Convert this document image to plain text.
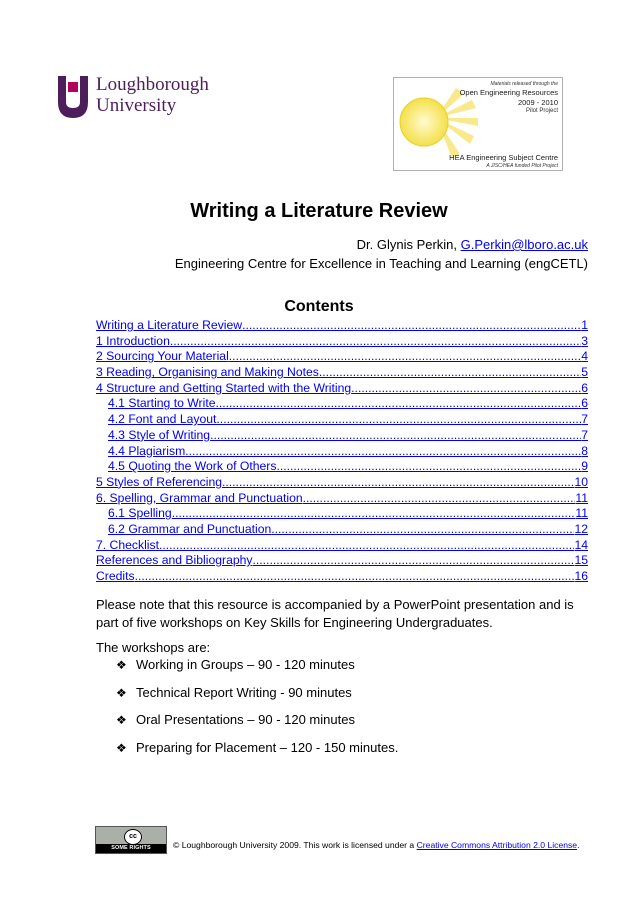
Loughborough
University
Materials released through the
Open Engineering Resources
2009 - 2010
Pilot Project
HEA Engineering Subject Centre
A JISC/HEA funded Pilot Project
Writing a Literature Review
Dr. Glynis Perkin, G.Perkin@lboro.ac.uk
Engineering Centre for Excellence in Teaching and Learning (engCETL)
Contents
Writing a Literature Review .....	1
1 Introduction .....	3
2 Sourcing Your Material .....	4
3 Reading, Organising and Making Notes .....	5
4 Structure and Getting Started with the Writing .....	6
4.1 Starting to Write .....	6
4.2 Font and Layout .....	7
4.3 Style of Writing .....	7
4.4 Plagiarism .....	8
4.5 Quoting the Work of Others .....	9
5 Styles of Referencing .....	10
6. Spelling, Grammar and Punctuation .....	11
6.1 Spelling .....	11
6.2 Grammar and Punctuation .....	12
7. Checklist .....	14
References and Bibliography .....	15
Credits .....	16
Please note that this resource is accompanied by a PowerPoint presentation and is part of five workshops on Key Skills for Engineering Undergraduates.
The workshops are:
❖ Working in Groups – 90 - 120 minutes
❖ Technical Report Writing - 90 minutes
❖ Oral Presentations – 90 - 120 minutes
❖ Preparing for Placement – 120 - 150 minutes.
cc
SOME RIGHTS RESERVED
© Loughborough University 2009. This work is licensed under a Creative Commons Attribution 2.0 License.
